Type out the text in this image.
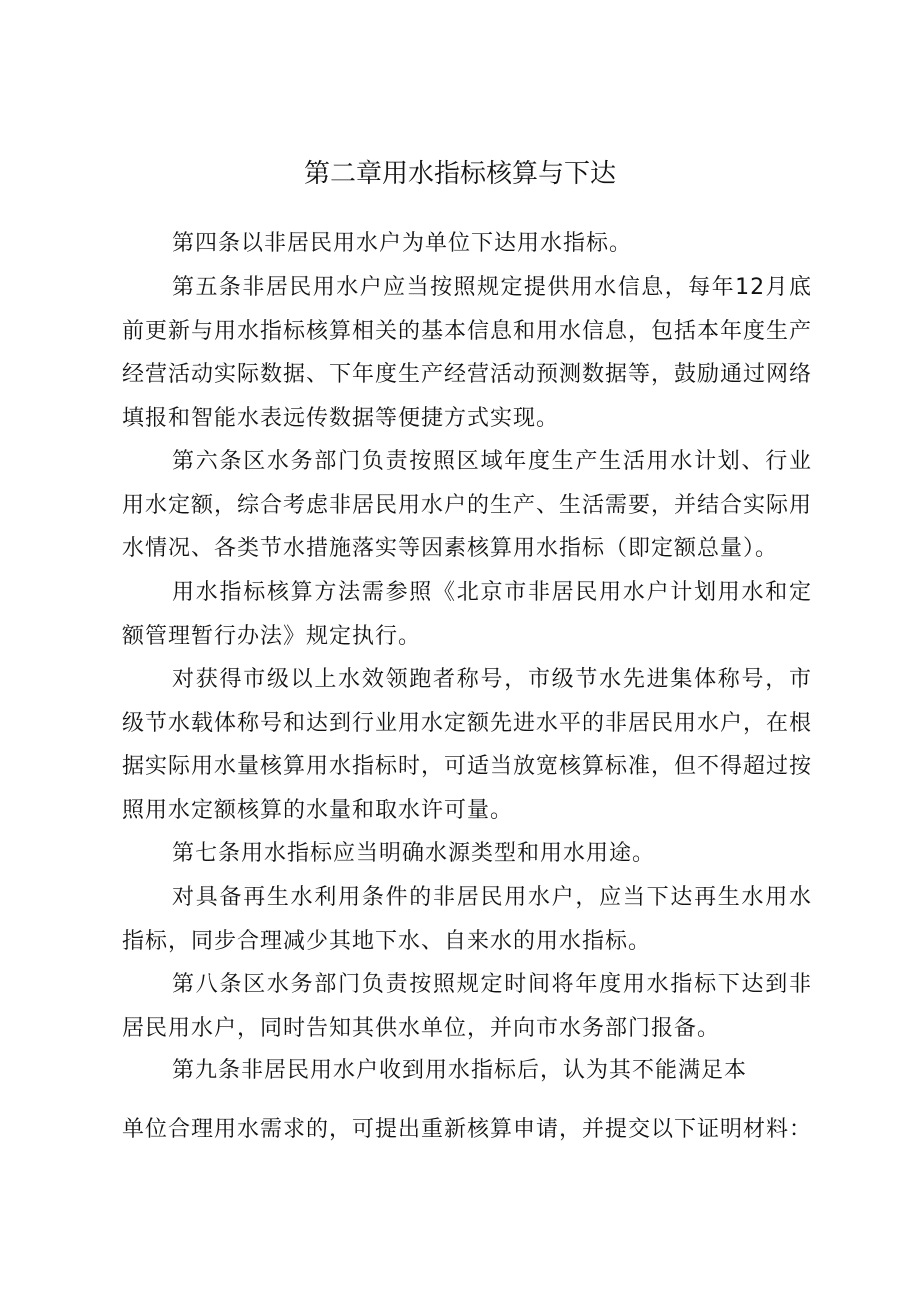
第二章用水指标核算与下达

第四条以非居民用水户为单位下达用水指标。

第五条非居民用水户应当按照规定提供用水信息，每年12月底前更新与用水指标核算相关的基本信息和用水信息，包括本年度生产经营活动实际数据、下年度生产经营活动预测数据等，鼓励通过网络填报和智能水表远传数据等便捷方式实现。

第六条区水务部门负责按照区域年度生产生活用水计划、行业用水定额，综合考虑非居民用水户的生产、生活需要，并结合实际用水情况、各类节水措施落实等因素核算用水指标（即定额总量）。

用水指标核算方法需参照《北京市非居民用水户计划用水和定额管理暂行办法》规定执行。

对获得市级以上水效领跑者称号，市级节水先进集体称号，市级节水载体称号和达到行业用水定额先进水平的非居民用水户，在根据实际用水量核算用水指标时，可适当放宽核算标准，但不得超过按照用水定额核算的水量和取水许可量。

第七条用水指标应当明确水源类型和用水用途。

对具备再生水利用条件的非居民用水户，应当下达再生水用水指标，同步合理减少其地下水、自来水的用水指标。

第八条区水务部门负责按照规定时间将年度用水指标下达到非居民用水户，同时告知其供水单位，并向市水务部门报备。

第九条非居民用水户收到用水指标后，认为其不能满足本

单位合理用水需求的，可提出重新核算申请，并提交以下证明材料：
